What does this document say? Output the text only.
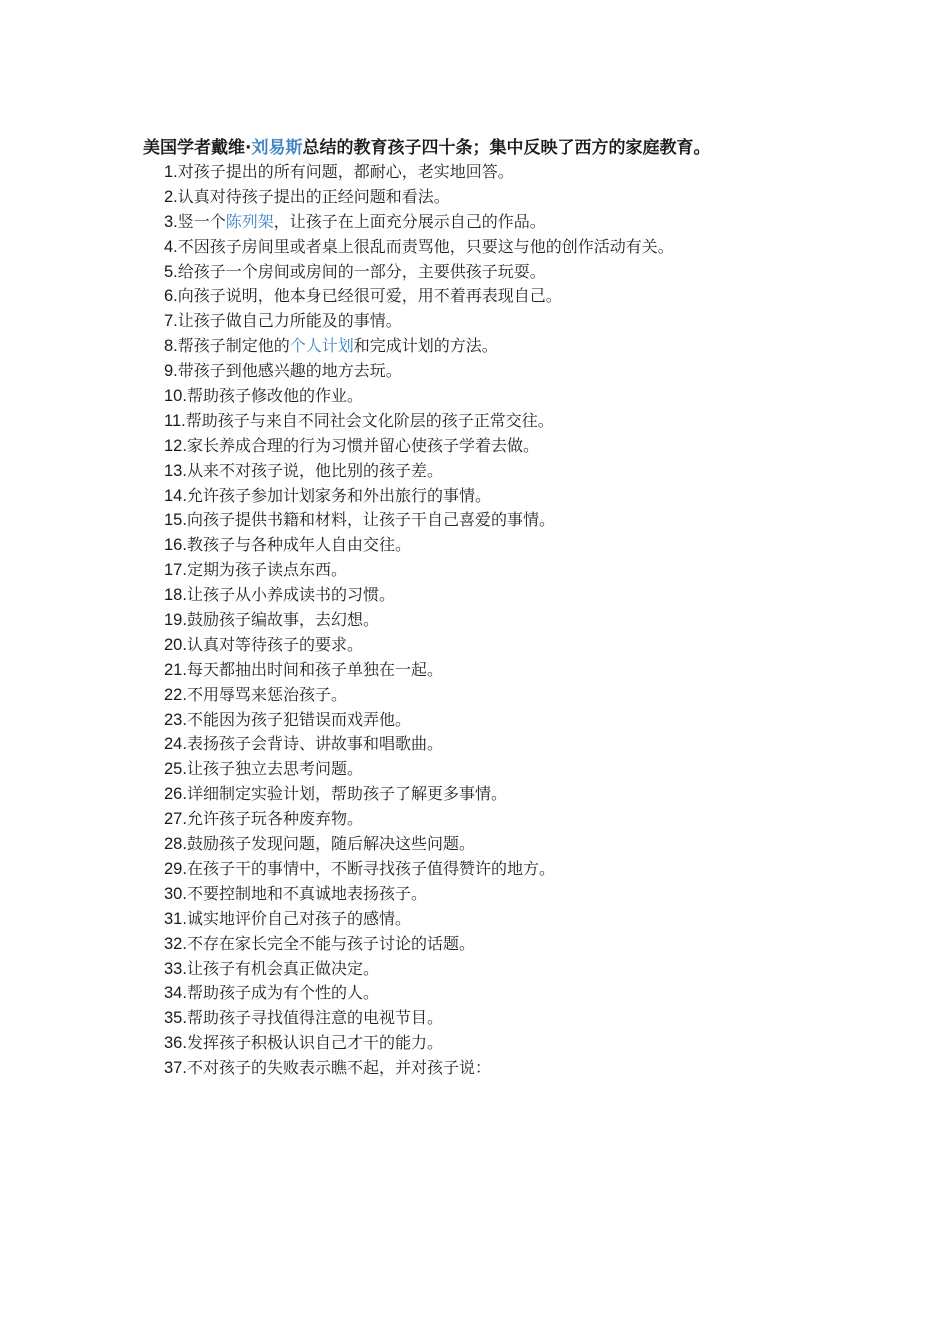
美国学者戴维·刘易斯总结的教育孩子四十条；集中反映了西方的家庭教育。
1.对孩子提出的所有问题，都耐心，老实地回答。
2.认真对待孩子提出的正经问题和看法。
3.竖一个陈列架，让孩子在上面充分展示自己的作品。
4.不因孩子房间里或者桌上很乱而责骂他，只要这与他的创作活动有关。
5.给孩子一个房间或房间的一部分，主要供孩子玩耍。
6.向孩子说明，他本身已经很可爱，用不着再表现自己。
7.让孩子做自己力所能及的事情。
8.帮孩子制定他的个人计划和完成计划的方法。
9.带孩子到他感兴趣的地方去玩。
10.帮助孩子修改他的作业。
11.帮助孩子与来自不同社会文化阶层的孩子正常交往。
12.家长养成合理的行为习惯并留心使孩子学着去做。
13.从来不对孩子说，他比别的孩子差。
14.允许孩子参加计划家务和外出旅行的事情。
15.向孩子提供书籍和材料，让孩子干自己喜爱的事情。
16.教孩子与各种成年人自由交往。
17.定期为孩子读点东西。
18.让孩子从小养成读书的习惯。
19.鼓励孩子编故事，去幻想。
20.认真对等待孩子的要求。
21.每天都抽出时间和孩子单独在一起。
22.不用辱骂来惩治孩子。
23.不能因为孩子犯错误而戏弄他。
24.表扬孩子会背诗、讲故事和唱歌曲。
25.让孩子独立去思考问题。
26.详细制定实验计划，帮助孩子了解更多事情。
27.允许孩子玩各种废弃物。
28.鼓励孩子发现问题，随后解决这些问题。
29.在孩子干的事情中，不断寻找孩子值得赞许的地方。
30.不要控制地和不真诚地表扬孩子。
31.诚实地评价自己对孩子的感情。
32.不存在家长完全不能与孩子讨论的话题。
33.让孩子有机会真正做决定。
34.帮助孩子成为有个性的人。
35.帮助孩子寻找值得注意的电视节目。
36.发挥孩子积极认识自己才干的能力。
37.不对孩子的失败表示瞧不起，并对孩子说：
